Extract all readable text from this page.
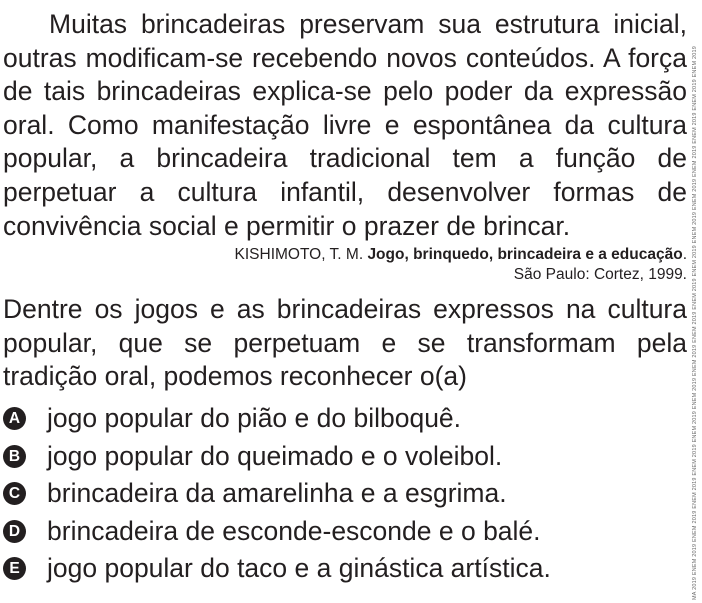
Muitas brincadeiras preservam sua estrutura inicial, outras modificam-se recebendo novos conteúdos. A força de tais brincadeiras explica-se pelo poder da expressão oral. Como manifestação livre e espontânea da cultura popular, a brincadeira tradicional tem a função de perpetuar a cultura infantil, desenvolver formas de convivência social e permitir o prazer de brincar.

KISHIMOTO, T. M. Jogo, brinquedo, brincadeira e a educação.
São Paulo: Cortez, 1999.

Dentre os jogos e as brincadeiras expressos na cultura popular, que se perpetuam e se transformam pela tradição oral, podemos reconhecer o(a)

A jogo popular do pião e do bilboquê.
B jogo popular do queimado e o voleibol.
C brincadeira da amarelinha e a esgrima.
D brincadeira de esconde-esconde e o balé.
E jogo popular do taco e a ginástica artística.	MA 2019 ENEM 2019 ENEM 2019 ENEM 2019 ENEM 2019 ENEM 2019 ENEM 2019 ENEM 2019 ENEM 2019 ENEM 2019 ENEM 2019 ENEM 2019 ENEM 2019 ENEM 2019 ENEM 2019 ENEM 2019 ENEM 2019
